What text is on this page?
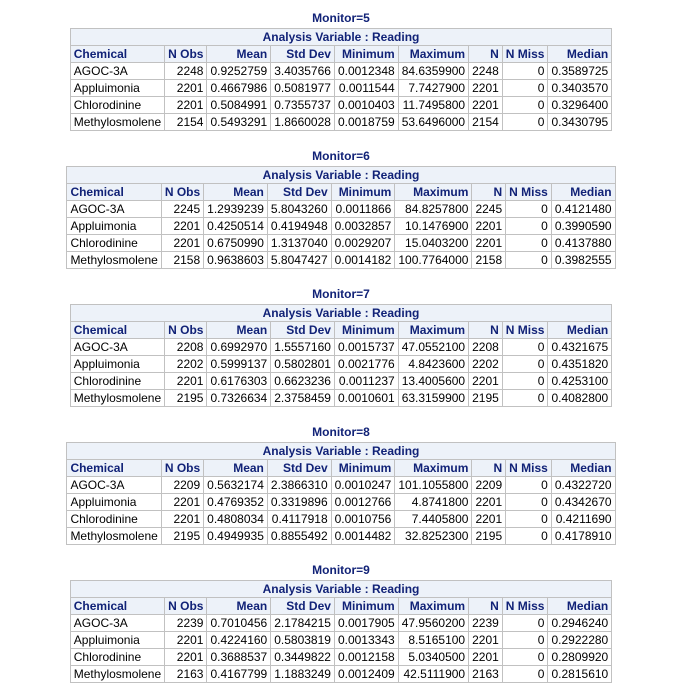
Monitor=5
Analysis Variable : Reading								
Chemical	N Obs	Mean	Std Dev	Minimum	Maximum	N	N Miss	Median
AGOC-3A	2248	0.9252759	3.4035766	0.0012348	84.6359900	2248	0	0.3589725
Appluimonia	2201	0.4667986	0.5081977	0.0011544	7.7427900	2201	0	0.3403570
Chlorodinine	2201	0.5084991	0.7355737	0.0010403	11.7495800	2201	0	0.3296400
Methylosmolene	2154	0.5493291	1.8660028	0.0018759	53.6496000	2154	0	0.3430795
Monitor=6
Analysis Variable : Reading								
Chemical	N Obs	Mean	Std Dev	Minimum	Maximum	N	N Miss	Median
AGOC-3A	2245	1.2939239	5.8043260	0.0011866	84.8257800	2245	0	0.4121480
Appluimonia	2201	0.4250514	0.4194948	0.0032857	10.1476900	2201	0	0.3990590
Chlorodinine	2201	0.6750990	1.3137040	0.0029207	15.0403200	2201	0	0.4137880
Methylosmolene	2158	0.9638603	5.8047427	0.0014182	100.7764000	2158	0	0.3982555
Monitor=7
Analysis Variable : Reading								
Chemical	N Obs	Mean	Std Dev	Minimum	Maximum	N	N Miss	Median
AGOC-3A	2208	0.6992970	1.5557160	0.0015737	47.0552100	2208	0	0.4321675
Appluimonia	2202	0.5999137	0.5802801	0.0021776	4.8423600	2202	0	0.4351820
Chlorodinine	2201	0.6176303	0.6623236	0.0011237	13.4005600	2201	0	0.4253100
Methylosmolene	2195	0.7326634	2.3758459	0.0010601	63.3159900	2195	0	0.4082800
Monitor=8
Analysis Variable : Reading								
Chemical	N Obs	Mean	Std Dev	Minimum	Maximum	N	N Miss	Median
AGOC-3A	2209	0.5632174	2.3866310	0.0010247	101.1055800	2209	0	0.4322720
Appluimonia	2201	0.4769352	0.3319896	0.0012766	4.8741800	2201	0	0.4342670
Chlorodinine	2201	0.4808034	0.4117918	0.0010756	7.4405800	2201	0	0.4211690
Methylosmolene	2195	0.4949935	0.8855492	0.0014482	32.8252300	2195	0	0.4178910
Monitor=9
Analysis Variable : Reading								
Chemical	N Obs	Mean	Std Dev	Minimum	Maximum	N	N Miss	Median
AGOC-3A	2239	0.7010456	2.1784215	0.0017905	47.9560200	2239	0	0.2946240
Appluimonia	2201	0.4224160	0.5803819	0.0013343	8.5165100	2201	0	0.2922280
Chlorodinine	2201	0.3688537	0.3449822	0.0012158	5.0340500	2201	0	0.2809920
Methylosmolene	2163	0.4167799	1.1883249	0.0012409	42.5111900	2163	0	0.2815610
